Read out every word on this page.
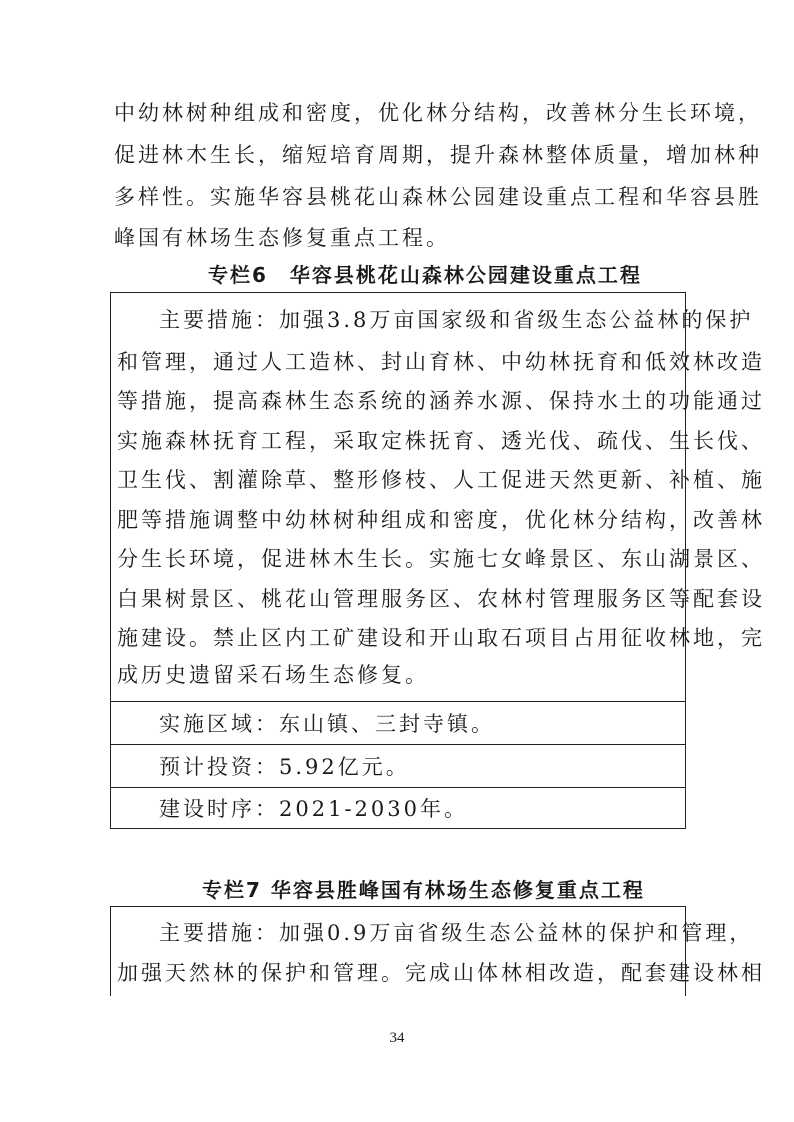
中幼林树种组成和密度，优化林分结构，改善林分生长环境，
促进林木生长，缩短培育周期，提升森林整体质量，增加林种
多样性。实施华容县桃花山森林公园建设重点工程和华容县胜
峰国有林场生态修复重点工程。
专栏6　华容县桃花山森林公园建设重点工程
主要措施：加强3.8万亩国家级和省级生态公益林的保护
和管理，通过人工造林、封山育林、中幼林抚育和低效林改造
等措施，提高森林生态系统的涵养水源、保持水土的功能通过
实施森林抚育工程，采取定株抚育、透光伐、疏伐、生长伐、
卫生伐、割灌除草、整形修枝、人工促进天然更新、补植、施
肥等措施调整中幼林树种组成和密度，优化林分结构，改善林
分生长环境，促进林木生长。实施七女峰景区、东山湖景区、
白果树景区、桃花山管理服务区、农林村管理服务区等配套设
施建设。禁止区内工矿建设和开山取石项目占用征收林地，完
成历史遗留采石场生态修复。
实施区域：东山镇、三封寺镇。
预计投资：5.92亿元。
建设时序：2021-2030年。
专栏7 华容县胜峰国有林场生态修复重点工程
主要措施：加强0.9万亩省级生态公益林的保护和管理，
加强天然林的保护和管理。完成山体林相改造，配套建设林相
34
